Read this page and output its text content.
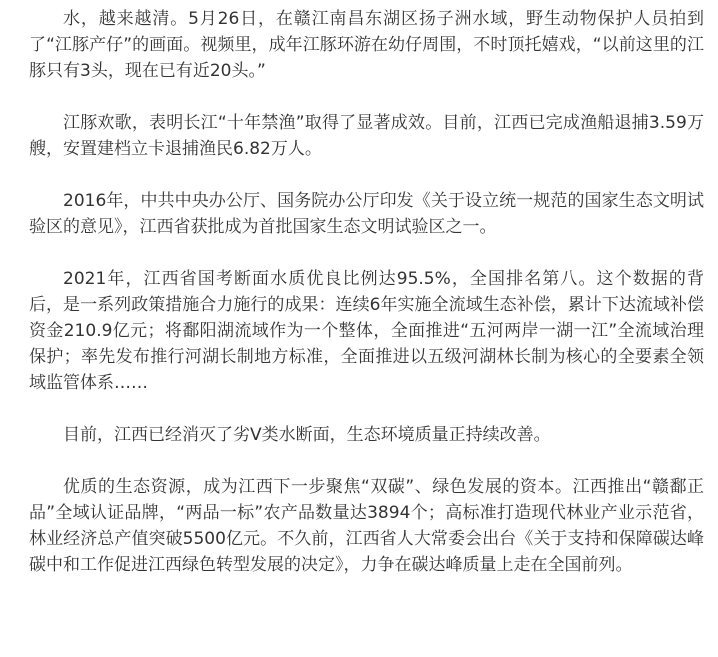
水，越来越清。5月26日，在赣江南昌东湖区扬子洲水域，野生动物保护人员拍到了“江豚产仔”的画面。视频里，成年江豚环游在幼仔周围，不时顶托嬉戏，“以前这里的江豚只有3头，现在已有近20头。”

江豚欢歌，表明长江“十年禁渔”取得了显著成效。目前，江西已完成渔船退捕3.59万艘，安置建档立卡退捕渔民6.82万人。

2016年，中共中央办公厅、国务院办公厅印发《关于设立统一规范的国家生态文明试验区的意见》，江西省获批成为首批国家生态文明试验区之一。

2021年，江西省国考断面水质优良比例达95.5%，全国排名第八。这个数据的背后，是一系列政策措施合力施行的成果：连续6年实施全流域生态补偿，累计下达流域补偿资金210.9亿元；将鄱阳湖流域作为一个整体，全面推进“五河两岸一湖一江”全流域治理保护；率先发布推行河湖长制地方标准，全面推进以五级河湖林长制为核心的全要素全领域监管体系……

目前，江西已经消灭了劣Ⅴ类水断面，生态环境质量正持续改善。

优质的生态资源，成为江西下一步聚焦“双碳”、绿色发展的资本。江西推出“赣鄱正品”全域认证品牌，“两品一标”农产品数量达3894个；高标准打造现代林业产业示范省，林业经济总产值突破5500亿元。不久前，江西省人大常委会出台《关于支持和保障碳达峰碳中和工作促进江西绿色转型发展的决定》，力争在碳达峰质量上走在全国前列。
